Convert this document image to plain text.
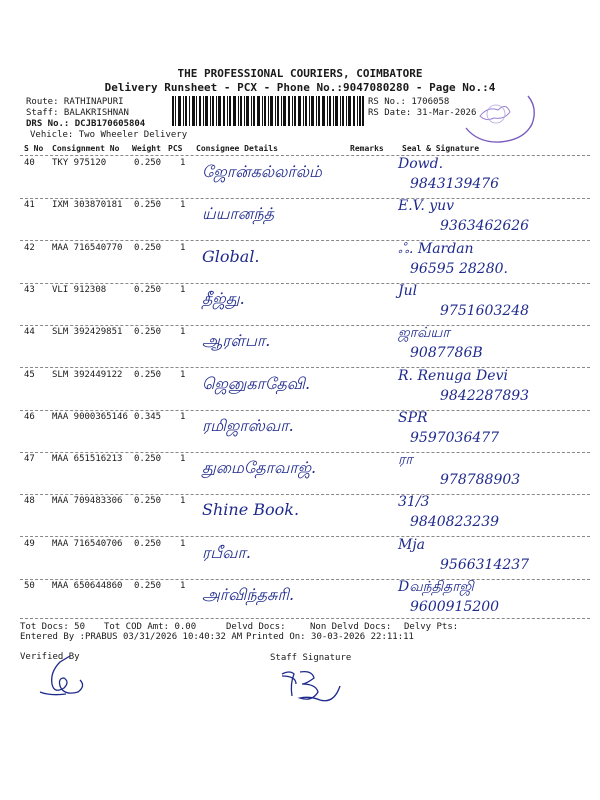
THE PROFESSIONAL COURIERS, COIMBATORE
Delivery Runsheet - PCX - Phone No.:9047080280 - Page No.:4
Route: RATHINAPURI
Staff: BALAKRISHNAN
DRS No.: DCJB170605804
Vehicle: Two Wheeler Delivery
RS No.: 1706058
RS Date: 31-Mar-2026
S No Consignment No Weight PCS Consignee Details	Remarks Seal & Signature
40 TKY 975120	0.250 1 ஜோன்கல்லர்ல்ம்	Dowd.
9843139476
41 IXM 303870181 0.250 1 ய்யானந்த்	E.V. yuv
9363462626
42 MAA 716540770 0.250 1 Global.	ஃ. Mardan
96595 28280.
43 VLI 912308	0.250 1 தீஜ்து.	Jul
9751603248
44 SLM 392429851 0.250 1 ஆரள்பா.	ஜாவ்யா
9087786B
45 SLM 392449122 0.250 1 ஜெனுகாதேவி.	R. Renuga Devi
9842287893
46 MAA 9000365146 0.345 1 ரமிஜாஸ்வா.	SPR
9597036477
47 MAA 651516213 0.250 1 துமைதோவாஜ்.	ரா
978788903
48 MAA 709483306 0.250 1 Shine Book.	31/3
9840823239
49 MAA 716540706 0.250 1 ரபீவா.	Mja
9566314237
50 MAA 650644860 0.250 1 அர்விந்தசுரி.	Dவந்திதாஜி
9600915200
Tot Docs: 50 Tot COD Amt: 0.00	Delvd Docs:	Non Delvd Docs: Delvy Pts:
Entered By :PRABUS 03/31/2026 10:40:32 AM Printed On: 30-03-2026 22:11:11
Verified By	Staff Signature
